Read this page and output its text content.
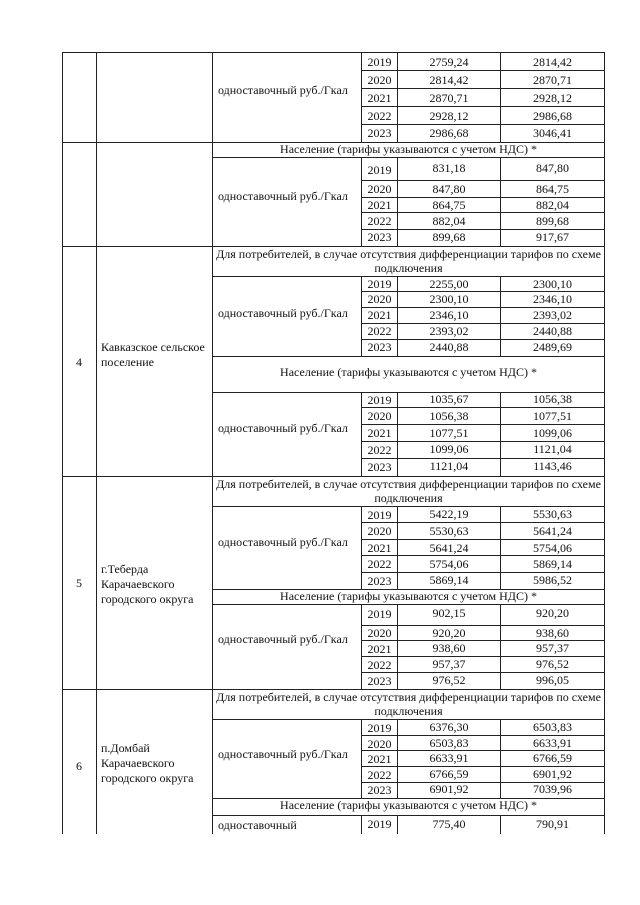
одноставочный руб./Гкал
2019	2759,24	2814,42
2020	2814,42	2870,71
2021	2870,71	2928,12
2022	2928,12	2986,68
2023	2986,68	3046,41
Население (тарифы указываются с учетом НДС) *
одноставочный руб./Гкал
2019	831,18	847,80
2020	847,80	864,75
2021	864,75	882,04
2022	882,04	899,68
2023	899,68	917,67
4
Кавказское сельское поселение
Для потребителей, в случае отсутствия дифференциации тарифов по схеме подключения
одноставочный руб./Гкал
2019	2255,00	2300,10
2020	2300,10	2346,10
2021	2346,10	2393,02
2022	2393,02	2440,88
2023	2440,88	2489,69
Население (тарифы указываются с учетом НДС) *
одноставочный руб./Гкал
2019	1035,67	1056,38
2020	1056,38	1077,51
2021	1077,51	1099,06
2022	1099,06	1121,04
2023	1121,04	1143,46
5
г.Теберда Карачаевского городского округа
Для потребителей, в случае отсутствия дифференциации тарифов по схеме подключения
одноставочный руб./Гкал
2019	5422,19	5530,63
2020	5530,63	5641,24
2021	5641,24	5754,06
2022	5754,06	5869,14
2023	5869,14	5986,52
Население (тарифы указываются с учетом НДС) *
одноставочный руб./Гкал
2019	902,15	920,20
2020	920,20	938,60
2021	938,60	957,37
2022	957,37	976,52
2023	976,52	996,05
6
п.Домбай Карачаевского городского округа
Для потребителей, в случае отсутствия дифференциации тарифов по схеме подключения
одноставочный руб./Гкал
2019	6376,30	6503,83
2020	6503,83	6633,91
2021	6633,91	6766,59
2022	6766,59	6901,92
2023	6901,92	7039,96
Население (тарифы указываются с учетом НДС) *
одноставочный	2019	775,40	790,91
